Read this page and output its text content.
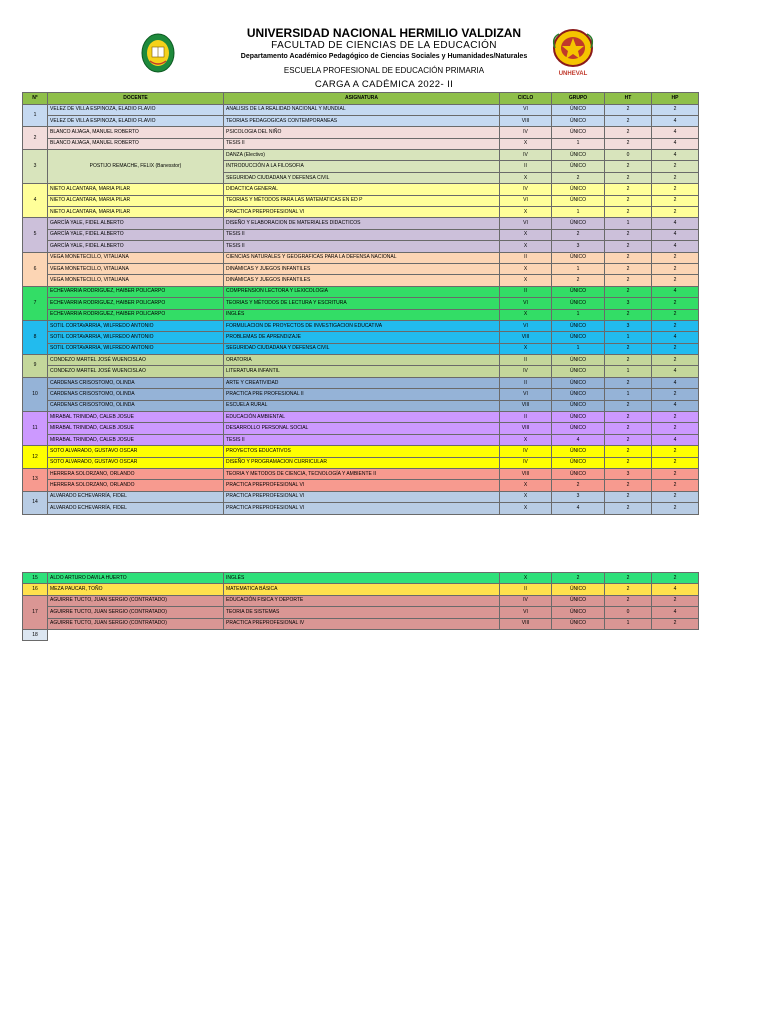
UNIVERSIDAD NACIONAL HERMILIO VALDIZAN
FACULTAD DE CIENCIAS DE LA EDUCACIÓN
Departamento Académico Pedagógico de Ciencias Sociales y Humanidades/Naturales
ESCUELA PROFESIONAL DE EDUCACIÓN PRIMARIA
CARGA A CADÉMICA 2022- II
UNHEVAL
N°	DOCENTE	ASIGNATURA	CICLO	GRUPO	HT	HP
1	VELEZ DE VILLA ESPINOZA, ELADIO FLAVIO	ANALISIS DE LA REALIDAD NACIONAL Y MUNDIAL	VI	ÚNICO	2	2
	VELEZ DE VILLA ESPINOZA, ELADIO FLAVIO	TEORIAS PEDAGOGICAS CONTEMPORANEAS	VIII	ÚNICO	2	4
2	BLANCO AIJAGA, MANUEL ROBERTO	PSICOLOGIA DEL NIÑO	IV	ÚNICO	2	4
	BLANCO AIJAGA, MANUEL ROBERTO	TESIS II	X	1	2	4
3	POSTIJO REMACHE, FELIX (Banesstor)	DANZA (Electivo)	IV	ÚNICO	0	4
		INTRODUCCIÓN A LA FILOSOFIA	II	ÚNICO	2	2
		SEGURIDAD CIUDADANA Y DEFENSA CIVIL	X	2	2	2
4	NIETO ALCANTARA, MARIA PILAR	DIDACTICA GENERAL	IV	ÚNICO	2	2
	NIETO ALCANTARA, MARIA PILAR	TEORIAS Y MÉTODOS PARA LAS MATEMATICAS EN ED P	VI	ÚNICO	2	2
	NIETO ALCANTARA, MARIA PILAR	PRACTICA PREPROFESIONAL VI	X	1	2	2
5	GARCÍA YALE, FIDEL ALBERTO	DISEÑO Y ELABORACION DE MATERIALES DIDACTICOS	VI	ÚNICO	1	4
	GARCÍA YALE, FIDEL ALBERTO	TESIS II	X	2	2	4
	GARCÍA YALE, FIDEL ALBERTO	TESIS II	X	3	2	4
6	VEGA MONETECILLO, VITALIANA	CIENCIAS NATURALES Y GEOGRAFICAS PARA LA DEFENSA NACIONAL	II	ÚNICO	2	2
	VEGA MONETECILLO, VITALIANA	DINÁMICAS Y JUEGOS INFANTILES	X	1	2	2
	VEGA MONETECILLO, VITALIANA	DINÁMICAS Y JUEGOS INFANTILES	X	2	2	2
7	ECHEVARRIA RODRIGUEZ, HAIBER POLICARPO	COMPRENSION LECTORA Y LEXICOLOGIA	II	ÚNICO	2	4
	ECHEVARRIA RODRIGUEZ, HAIBER POLICARPO	TEORIAS Y MÉTODOS DE LECTURA Y ESCRITURA	VI	ÚNICO	3	2
	ECHEVARRIA RODRIGUEZ, HAIBER POLICARPO	INGLÉS	X	1	2	2
8	SOTIL CORTAVARRIA, WILFREDO ANTONIO	FORMULACION DE PROYECTOS DE INVESTIGACION EDUCATIVA	VI	ÚNICO	3	2
	SOTIL CORTAVARRIA, WILFREDO ANTONIO	PROBLEMAS DE APRENDIZAJE	VIII	ÚNICO	1	4
	SOTIL CORTAVARRIA, WILFREDO ANTONIO	SEGURIDAD CIUDADANA Y DEFENSA CIVIL	X	1	2	2
9	CONDEZO MARTEL JOSÉ WUENCISLAO	ORATORIA	II	ÚNICO	2	2
	CONDEZO MARTEL JOSÉ WUENCISLAO	LITERATURA INFANTIL	IV	ÚNICO	1	4
10	CARDENAS CRISOSTOMO, OLINDA	ARTE Y CREATIVIDAD	II	ÚNICO	2	4
	CARDENAS CRISOSTOMO, OLINDA	PRACTICA PRE PROFESIONAL II	VI	ÚNICO	1	2
	CARDENAS CRISOSTOMO, OLINDA	ESCUELA RURAL	VIII	ÚNICO	2	4
11	MIRABAL TRINIDAD, CALEB JOSUE	EDUCACIÓN AMBIENTAL	II	ÚNICO	2	2
	MIRABAL TRINIDAD, CALEB JOSUE	DESARROLLO PERSONAL SOCIAL	VIII	ÚNICO	2	2
	MIRABAL TRINIDAD, CALEB JOSUE	TESIS II	X	4	2	4
12	SOTO ALVARADO, GUSTAVO OSCAR	PROYECTOS EDUCATIVOS	IV	ÚNICO	2	2
	SOTO ALVARADO, GUSTAVO OSCAR	DISEÑO Y PROGRAMACION CURRICULAR	IV	ÚNICO	2	2
13	HERRERA SOLORZANO, ORLANDO	TEORIA Y METODOS DE CIENCIA, TECNOLOGÍA Y AMBIENTE II	VIII	ÚNICO	3	2
	HERRERA SOLORZANO, ORLANDO	PRACTICA PREPROFESIONAL VI	X	2	2	2
14	ALVARADO ECHEVARRÍA, FIDEL	PRACTICA PREPROFESIONAL VI	X	3	2	2
	ALVARADO ECHEVARRÍA, FIDEL	PRACTICA PREPROFESIONAL VI	X	4	2	2
15	ALDO ARTURO DAVILA HUERTO	INGLÉS	X	2	2	2
16	MEZA PAUCAR, TOÑO	MATEMATICA BÁSICA	II	ÚNICO	2	4
17	AGUIRRE TUCTO, JUAN SERGIO (CONTRATADO)	EDUCACIÓN FISICA Y DEPORTE	IV	ÚNICO	2	2
	AGUIRRE TUCTO, JUAN SERGIO (CONTRATADO)	TEORIA DE SISTEMAS	VI	ÚNICO	0	4
	AGUIRRE TUCTO, JUAN SERGIO (CONTRATADO)	PRACTICA PREPROFESIONAL IV	VIII	ÚNICO	1	2
18						
